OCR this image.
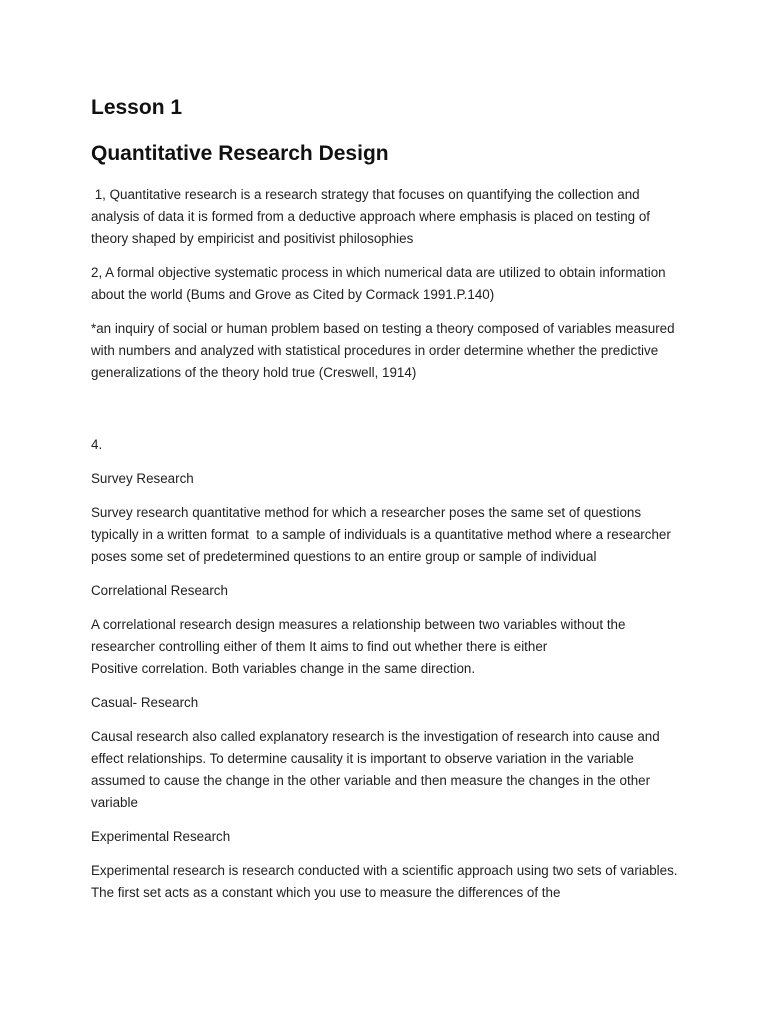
Lesson 1
Quantitative Research Design

1, Quantitative research is a research strategy that focuses on quantifying the collection and analysis of data it is formed from a deductive approach where emphasis is placed on testing of theory shaped by empiricist and positivist philosophies

2, A formal objective systematic process in which numerical data are utilized to obtain information about the world (Bums and Grove as Cited by Cormack 1991.P.140)

*an inquiry of social or human problem based on testing a theory composed of variables measured with numbers and analyzed with statistical procedures in order determine whether the predictive generalizations of the theory hold true (Creswell, 1914)

4.

Survey Research

Survey research quantitative method for which a researcher poses the same set of questions typically in a written format  to a sample of individuals is a quantitative method where a researcher poses some set of predetermined questions to an entire group or sample of individual

Correlational Research

A correlational research design measures a relationship between two variables without the researcher controlling either of them It aims to find out whether there is either
Positive correlation. Both variables change in the same direction.

Casual- Research

Causal research also called explanatory research is the investigation of research into cause and effect relationships. To determine causality it is important to observe variation in the variable assumed to cause the change in the other variable and then measure the changes in the other variable

Experimental Research

Experimental research is research conducted with a scientific approach using two sets of variables. The first set acts as a constant which you use to measure the differences of the
